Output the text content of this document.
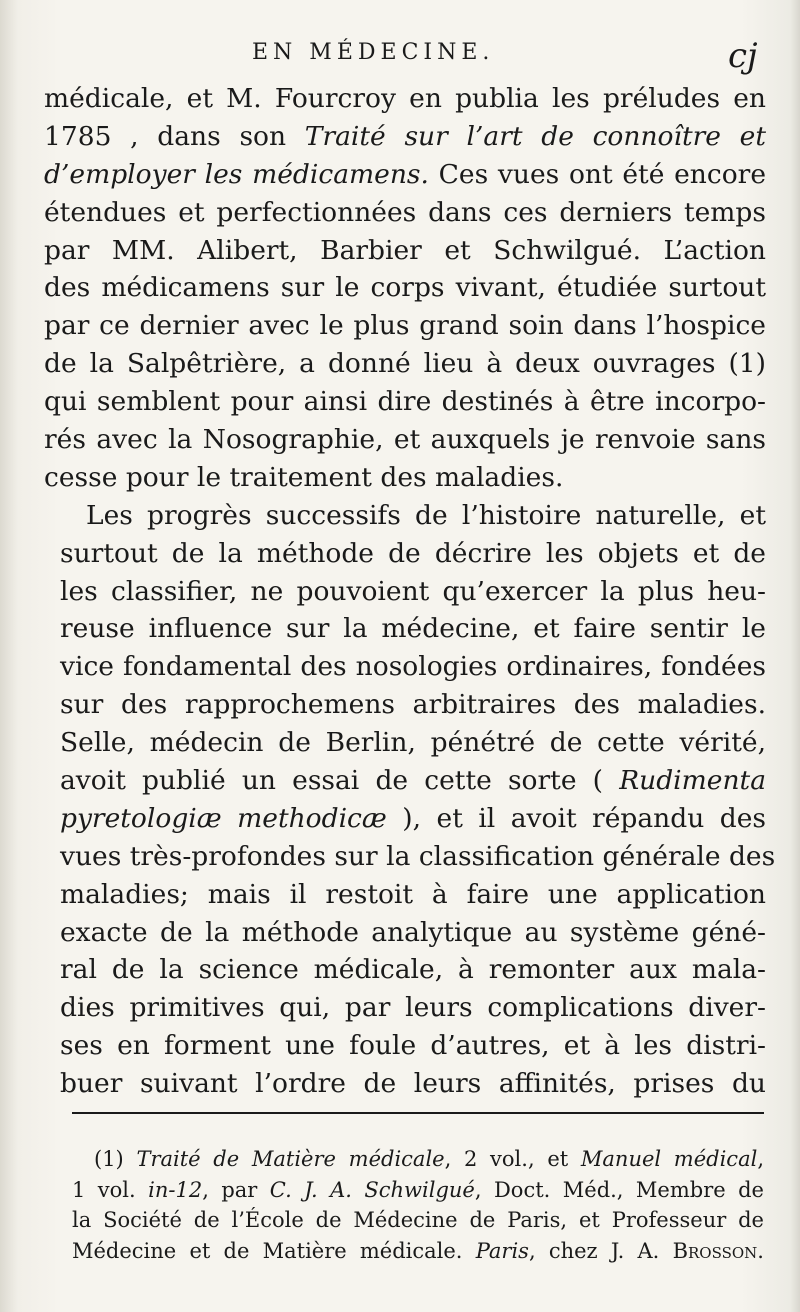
EN MÉDECINE.	cj
médicale, et M. Fourcroy en publia les préludes en
1785 , dans son Traité sur l’art de connoître et
d’employer les médicamens. Ces vues ont été encore
étendues et perfectionnées dans ces derniers temps
par MM. Alibert, Barbier et Schwilgué. L’action
des médicamens sur le corps vivant, étudiée surtout
par ce dernier avec le plus grand soin dans l’hospice
de la Salpêtrière, a donné lieu à deux ouvrages (1)
qui semblent pour ainsi dire destinés à être incorpo-
rés avec la Nosographie, et auxquels je renvoie sans
cesse pour le traitement des maladies.
Les progrès successifs de l’histoire naturelle, et
surtout de la méthode de décrire les objets et de
les classifier, ne pouvoient qu’exercer la plus heu-
reuse influence sur la médecine, et faire sentir le
vice fondamental des nosologies ordinaires, fondées
sur des rapprochemens arbitraires des maladies.
Selle, médecin de Berlin, pénétré de cette vérité,
avoit publié un essai de cette sorte ( Rudimenta
pyretologiæ methodicæ ), et il avoit répandu des
vues très-profondes sur la classification générale des
maladies; mais il restoit à faire une application
exacte de la méthode analytique au système géné-
ral de la science médicale, à remonter aux mala-
dies primitives qui, par leurs complications diver-
ses en forment une foule d’autres, et à les distri-
buer suivant l’ordre de leurs affinités, prises du
(1) Traité de Matière médicale, 2 vol., et Manuel médical,
1 vol. in-12, par C. J. A. Schwilgué, Doct. Méd., Membre de
la Société de l’École de Médecine de Paris, et Professeur de
Médecine et de Matière médicale. Paris, chez J. A. Brosson.
